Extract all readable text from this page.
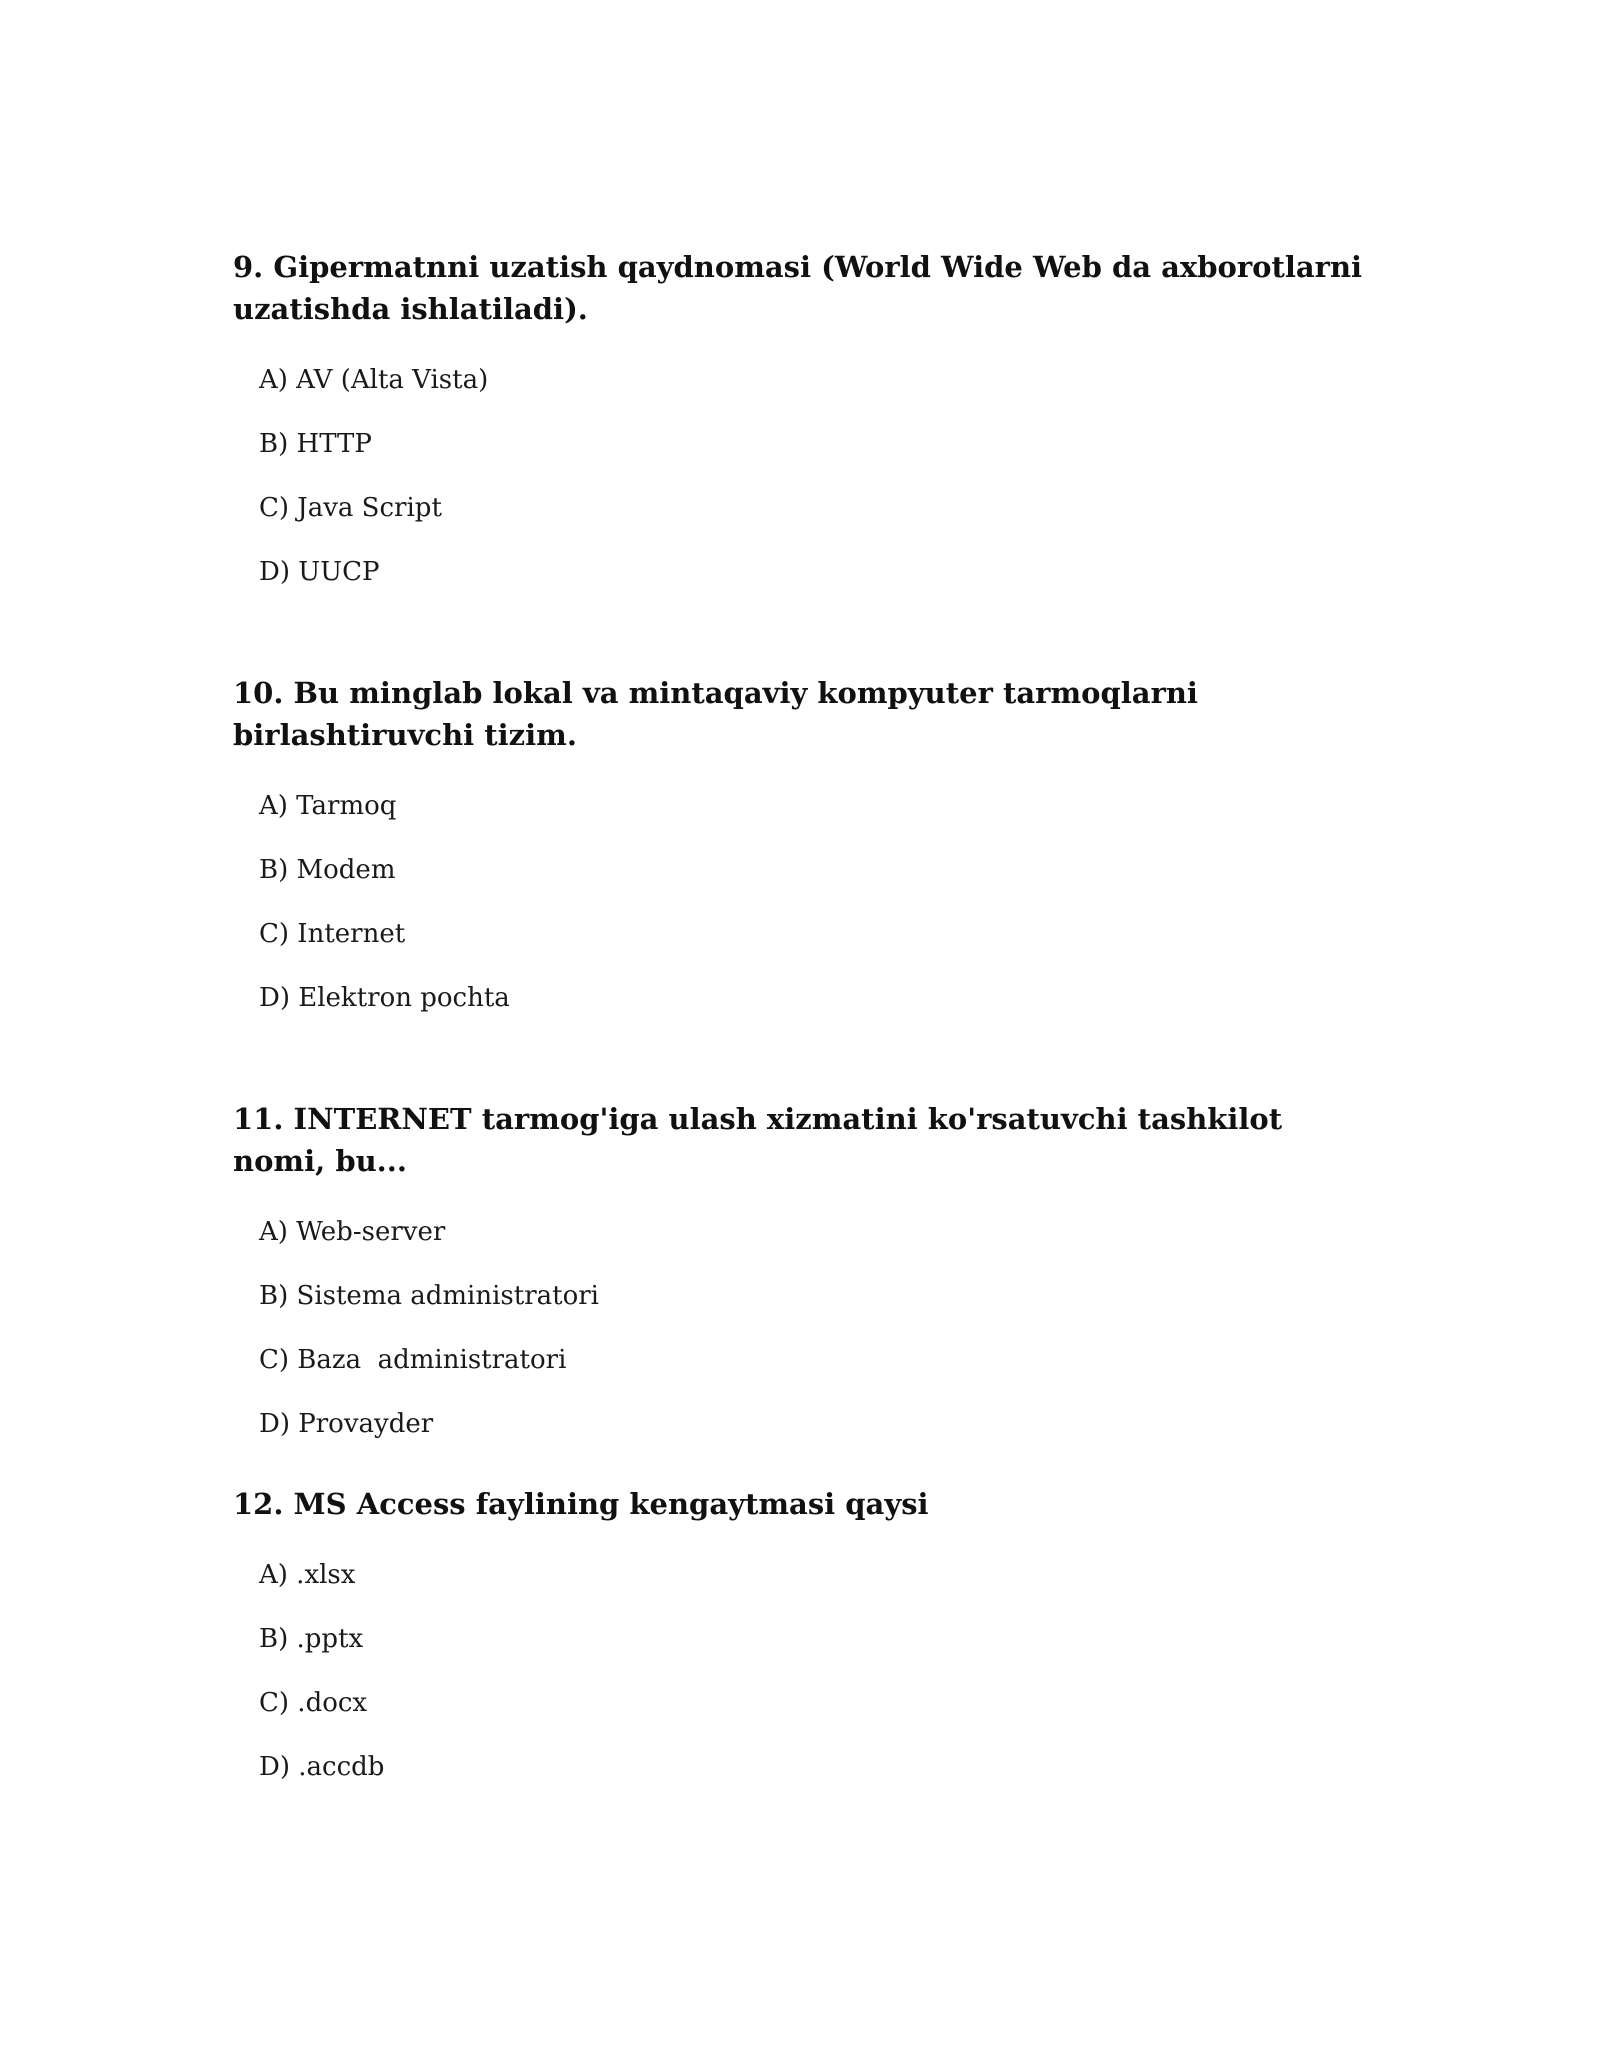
9. Gipermatnni uzatish qaydnomasi (World Wide Web da axborotlarni uzatishda ishlatiladi).

A) AV (Alta Vista)
B) HTTP
C) Java Script
D) UUCP

10. Bu minglab lokal va mintaqaviy kompyuter tarmoqlarni birlashtiruvchi tizim.

A) Tarmoq
B) Modem
C) Internet
D) Elektron pochta

11. INTERNET tarmog'iga ulash xizmatini ko'rsatuvchi tashkilot nomi, bu...

A) Web-server
B) Sistema administratori
C) Baza  administratori
D) Provayder

12. MS Access faylining kengaytmasi qaysi

A) .xlsx
B) .pptx
C) .docx
D) .accdb
